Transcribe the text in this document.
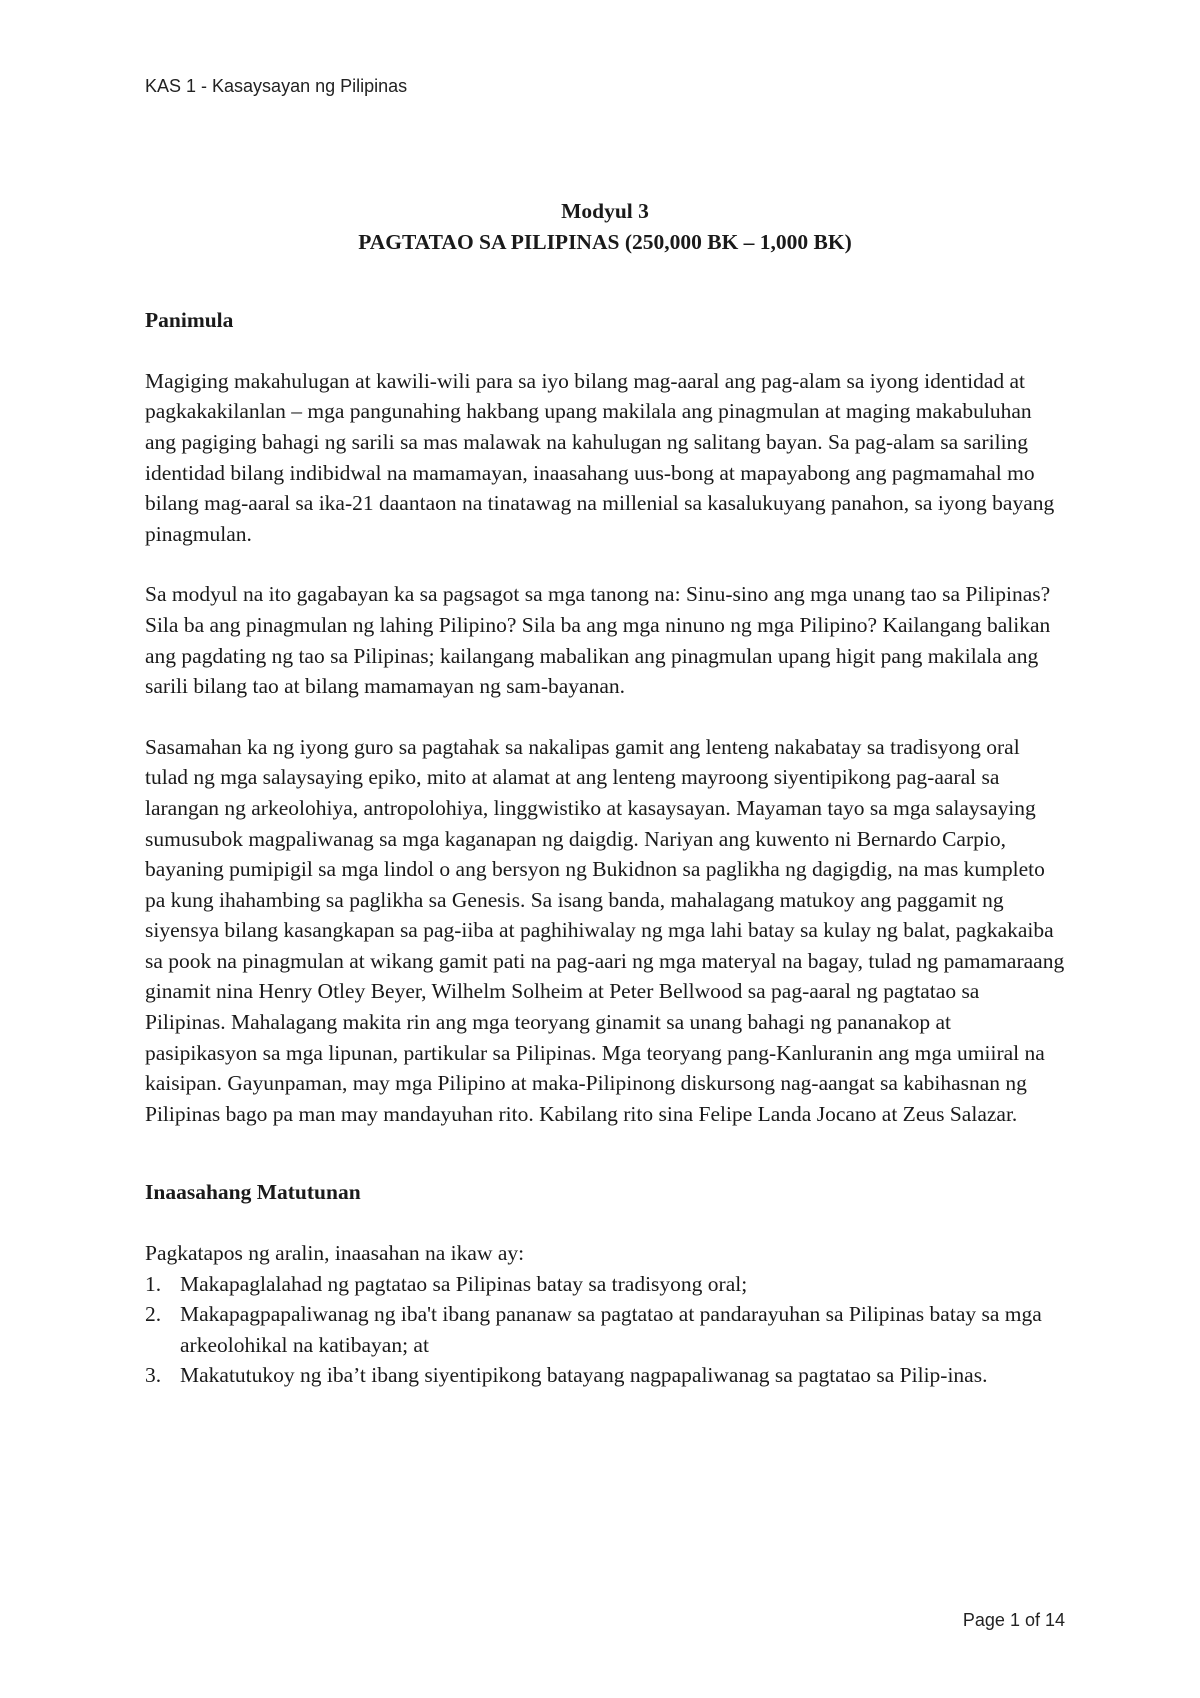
KAS 1 - Kasaysayan ng Pilipinas

Modyul 3

PAGTATAO SA PILIPINAS (250,000 BK – 1,000 BK)

Panimula

Magiging makahulugan at kawili-wili para sa iyo bilang mag-aaral ang pag-alam sa iyong identidad at pagkakakilanlan – mga pangunahing hakbang upang makilala ang pinagmulan at maging makabuluhan ang pagiging bahagi ng sarili sa mas malawak na kahulugan ng salitang bayan. Sa pag-alam sa sariling identidad bilang indibidwal na mamamayan, inaasahang uus-bong at mapayabong ang pagmamahal mo bilang mag-aaral sa ika-21 daantaon na tinatawag na millenial sa kasalukuyang panahon, sa iyong bayang pinagmulan.

Sa modyul na ito gagabayan ka sa pagsagot sa mga tanong na: Sinu-sino ang mga unang tao sa Pilipinas? Sila ba ang pinagmulan ng lahing Pilipino? Sila ba ang mga ninuno ng mga Pilipino? Kailangang balikan ang pagdating ng tao sa Pilipinas; kailangang mabalikan ang pinagmulan upang higit pang makilala ang sarili bilang tao at bilang mamamayan ng sam-bayanan.

Sasamahan ka ng iyong guro sa pagtahak sa nakalipas gamit ang lenteng nakabatay sa tradisyong oral tulad ng mga salaysaying epiko, mito at alamat at ang lenteng mayroong siyentipikong pag-aaral sa larangan ng arkeolohiya, antropolohiya, linggwistiko at kasaysayan. Mayaman tayo sa mga salaysaying sumusubok magpaliwanag sa mga kaganapan ng daigdig. Nariyan ang kuwento ni Bernardo Carpio, bayaning pumipigil sa mga lindol o ang bersyon ng Bukidnon sa paglikha ng dagigdig, na mas kumpleto pa kung ihahambing sa paglikha sa Genesis. Sa isang banda, mahalagang matukoy ang paggamit ng siyensya bilang kasangkapan sa pag-iiba at paghihiwalay ng mga lahi batay sa kulay ng balat, pagkakaiba sa pook na pinagmulan at wikang gamit pati na pag-aari ng mga materyal na bagay, tulad ng pamamaraang ginamit nina Henry Otley Beyer, Wilhelm Solheim at Peter Bellwood sa pag-aaral ng pagtatao sa Pilipinas. Mahalagang makita rin ang mga teoryang ginamit sa unang bahagi ng pananakop at pasipikasyon sa mga lipunan, partikular sa Pilipinas. Mga teoryang pang-Kanluranin ang mga umiiral na kaisipan. Gayunpaman, may mga Pilipino at maka-Pilipinong diskursong nag-aangat sa kabihasnan ng Pilipinas bago pa man may mandayuhan rito. Kabilang rito sina Felipe Landa Jocano at Zeus Salazar.

Inaasahang Matutunan

Pagkatapos ng aralin, inaasahan na ikaw ay:

1. Makapaglalahad ng pagtatao sa Pilipinas batay sa tradisyong oral;
2. Makapagpapaliwanag ng iba't ibang pananaw sa pagtatao at pandarayuhan sa Pilipinas batay sa mga arkeolohikal na katibayan; at
3. Makatutukoy ng iba’t ibang siyentipikong batayang nagpapaliwanag sa pagtatao sa Pilip-inas.
Page 1 of 14
